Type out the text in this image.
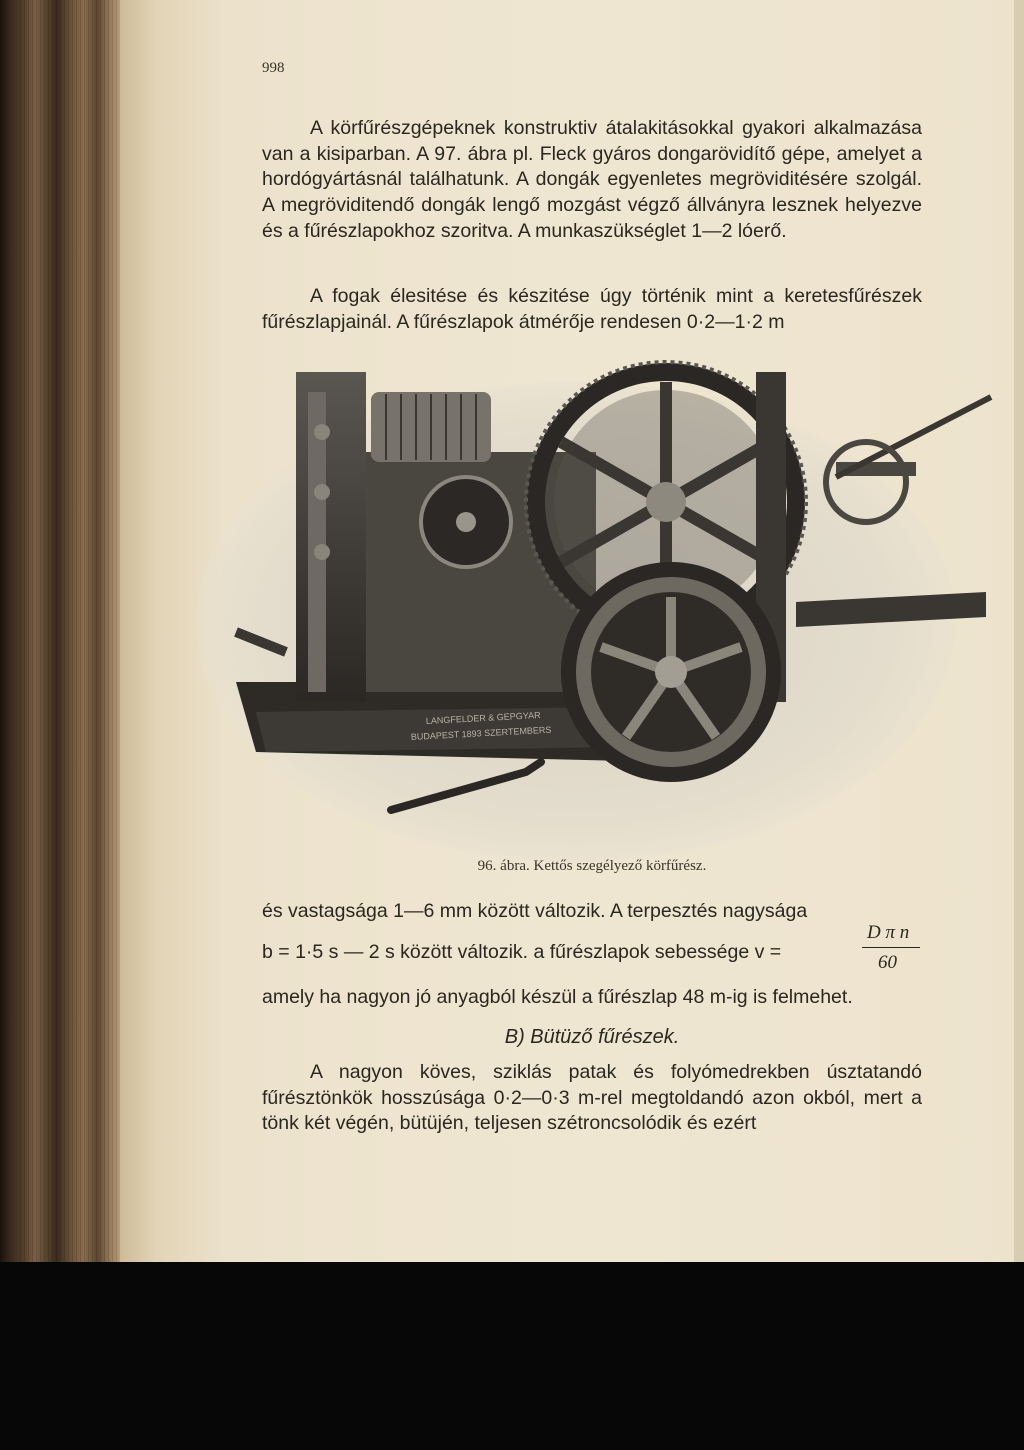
998

A körfűrészgépeknek konstruktiv átalakitásokkal gyakori alkalmazása van a kisiparban. A 97. ábra pl. Fleck gyáros dongarövidítő gépe, amelyet a hordógyártásnál találhatunk. A dongák egyenletes megröviditésére szolgál. A megröviditendő dongák lengő mozgást végző állványra lesznek helyezve és a fűrészlapokhoz szoritva. A munkaszükséglet 1—2 lóerő.

A fogak élesitése és készitése úgy történik mint a keretesfűrészek fűrészlapjainál. A fűrészlapok átmérője rendesen 0·2—1·2 m

LANGFELDER & GEPGYAR
BUDAPEST 1893 SZERTEMBERS
96. ábra. Kettős szegélyező körfűrész.
és vastagsága 1—6 mm között változik. A terpesztés nagysága
D π n
b = 1·5 s — 2 s között változik. a fűrészlapok sebessége v =	60
amely ha nagyon jó anyagból készül a fűrészlap 48 m-ig is felmehet.
B) Bütüző fűrészek.

A nagyon köves, sziklás patak és folyómedrekben úsztatandó fűrésztönkök hosszúsága 0·2—0·3 m-rel megtoldandó azon okból, mert a tönk két végén, bütüjén, teljesen szétroncsolódik és ezért
